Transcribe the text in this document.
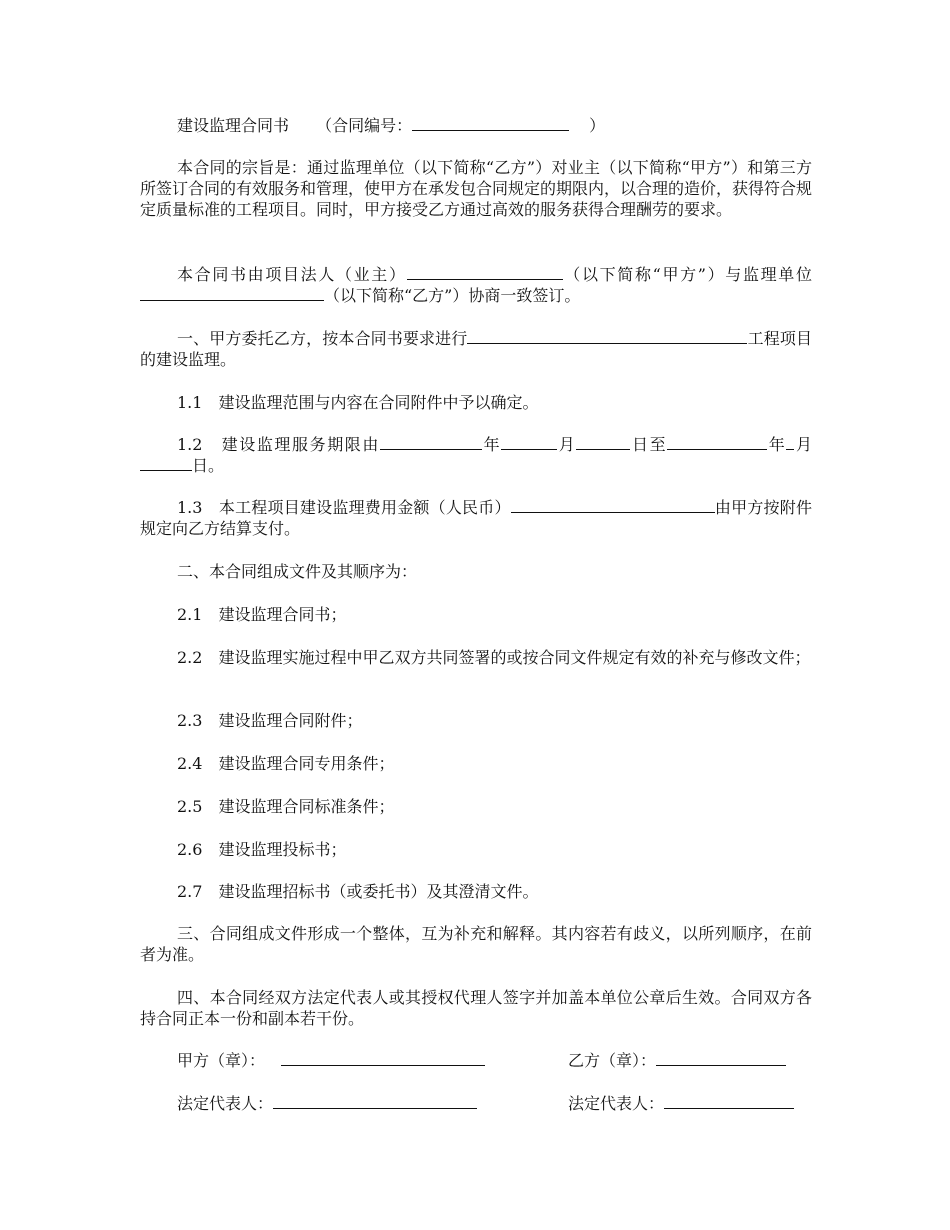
建设监理合同书 （合同编号：	）

本合同的宗旨是：通过监理单位（以下简称“乙方”）对业主（以下简称“甲方”）和第三方所签订合同的有效服务和管理，使甲方在承发包合同规定的期限内，以合理的造价，获得符合规定质量标准的工程项目。同时，甲方接受乙方通过高效的服务获得合理酬劳的要求。

本合同书由项目法人（业主）	（以下简称“甲方”）与监理单位（以下简称“乙方”）协商一致签订。

一、甲方委托乙方，按本合同书要求进行	工程项目的建设监理。

1.1　建设监理范围与内容在合同附件中予以确定。

1.2　建设监理服务期限由	年	月	日至	年 月日。

1.3　本工程项目建设监理费用金额（人民币）	由甲方按附件规定向乙方结算支付。

二、本合同组成文件及其顺序为：

2.1　建设监理合同书；

2.2　建设监理实施过程中甲乙双方共同签署的或按合同文件规定有效的补充与修改文件；

2.3　建设监理合同附件；

2.4　建设监理合同专用条件；

2.5　建设监理合同标准条件；

2.6　建设监理投标书；

2.7　建设监理招标书（或委托书）及其澄清文件。

三、合同组成文件形成一个整体，互为补充和解释。其内容若有歧义，以所列顺序，在前者为准。

四、本合同经双方法定代表人或其授权代理人签字并加盖本单位公章后生效。合同双方各持合同正本一份和副本若干份。

甲方（章）：	乙方（章）：
法定代表人：	法定代表人：
